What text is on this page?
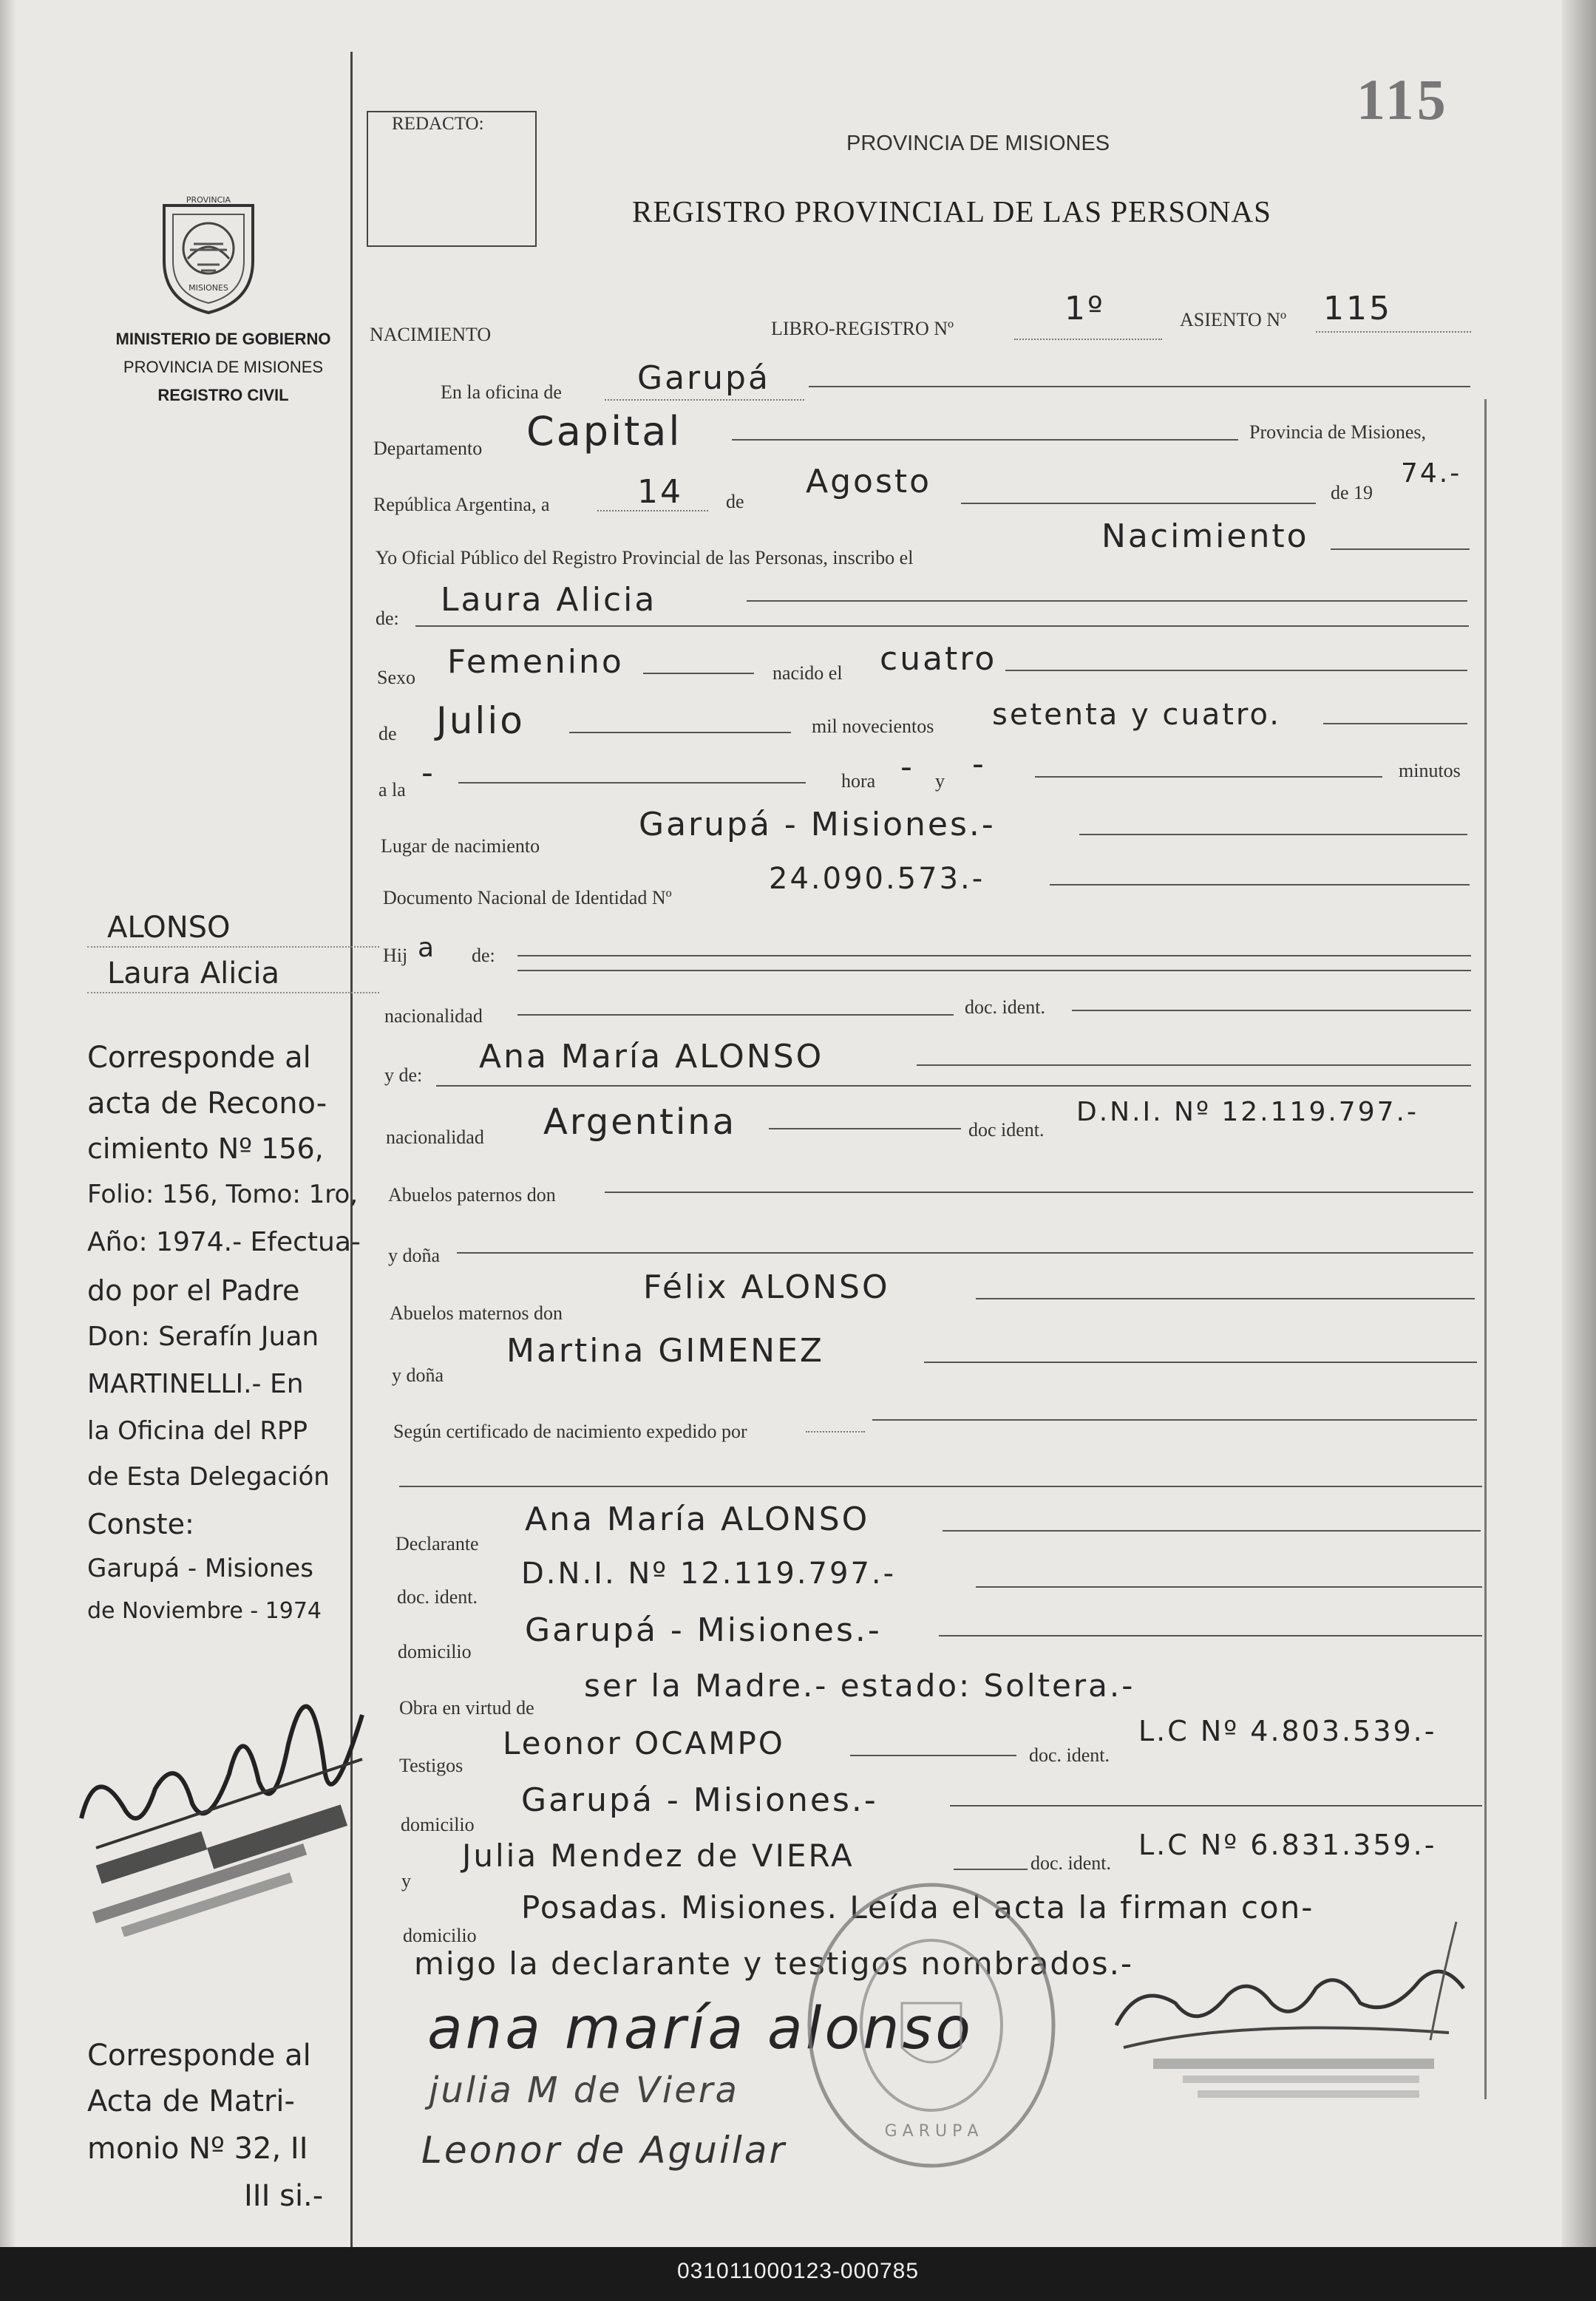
REDACTO:	115
PROVINCIA DE MISIONES
REGISTRO PROVINCIAL DE LAS PERSONAS
PROVINCIA
MISIONES
MINISTERIO DE GOBIERNO
PROVINCIA DE MISIONES
REGISTRO CIVIL
NACIMIENTO	LIBRO-REGISTRO Nº
1º	ASIENTO Nº 115
En la oficina de Garupá
Departamento Capital	Provincia de Misiones,
República Argentina, a	14 de
Agosto	de 19
74.-
Yo Oficial Público del Registro Provincial de las Personas, inscribo el
Nacimiento
de: Laura Alicia
Sexo Femenino	nacido el cuatro
de Julio	mil novecientos setenta y cuatro.
a la -	hora - y -	minutos
Lugar de nacimiento
Garupá - Misiones.-
Documento Nacional de Identidad Nº
24.090.573.-
Hij a de:
nacionalidad	doc. ident.
y de: Ana María ALONSO
nacionalidad Argentina	doc ident.
D.N.I. Nº 12.119.797.-
Abuelos paternos don
y doña
Abuelos maternos don
Félix ALONSO
y doña
Martina GIMENEZ
Según certificado de nacimiento expedido por
Declarante
Ana María ALONSO
doc. ident.
D.N.I. Nº 12.119.797.-
domicilio
Garupá - Misiones.-
Obra en virtud de
ser la Madre.- estado: Soltera.-
Testigos
Leonor OCAMPO	doc. ident.
L.C Nº 4.803.539.-
domicilio
Garupá - Misiones.-
y
Julia Mendez de VIERA	doc. ident.
L.C Nº 6.831.359.-
domicilio
Posadas. Misiones. Leída el acta la firman con-
migo la declarante y testigos nombrados.-
ana maría alonso
julia M de Viera
Leonor de Aguilar	G A R U P A
ALONSO
Laura Alicia
Corresponde al
acta de Recono-
cimiento Nº 156,
Folio: 156, Tomo: 1ro,
Año: 1974.- Efectua-
do por el Padre
Don: Serafín Juan
MARTINELLI.- En
la Oficina del RPP
de Esta Delegación
Conste:
Garupá - Misiones
de Noviembre - 1974
Corresponde al
Acta de Matri-
monio Nº 32, II
III si.-
031011000123-000785
